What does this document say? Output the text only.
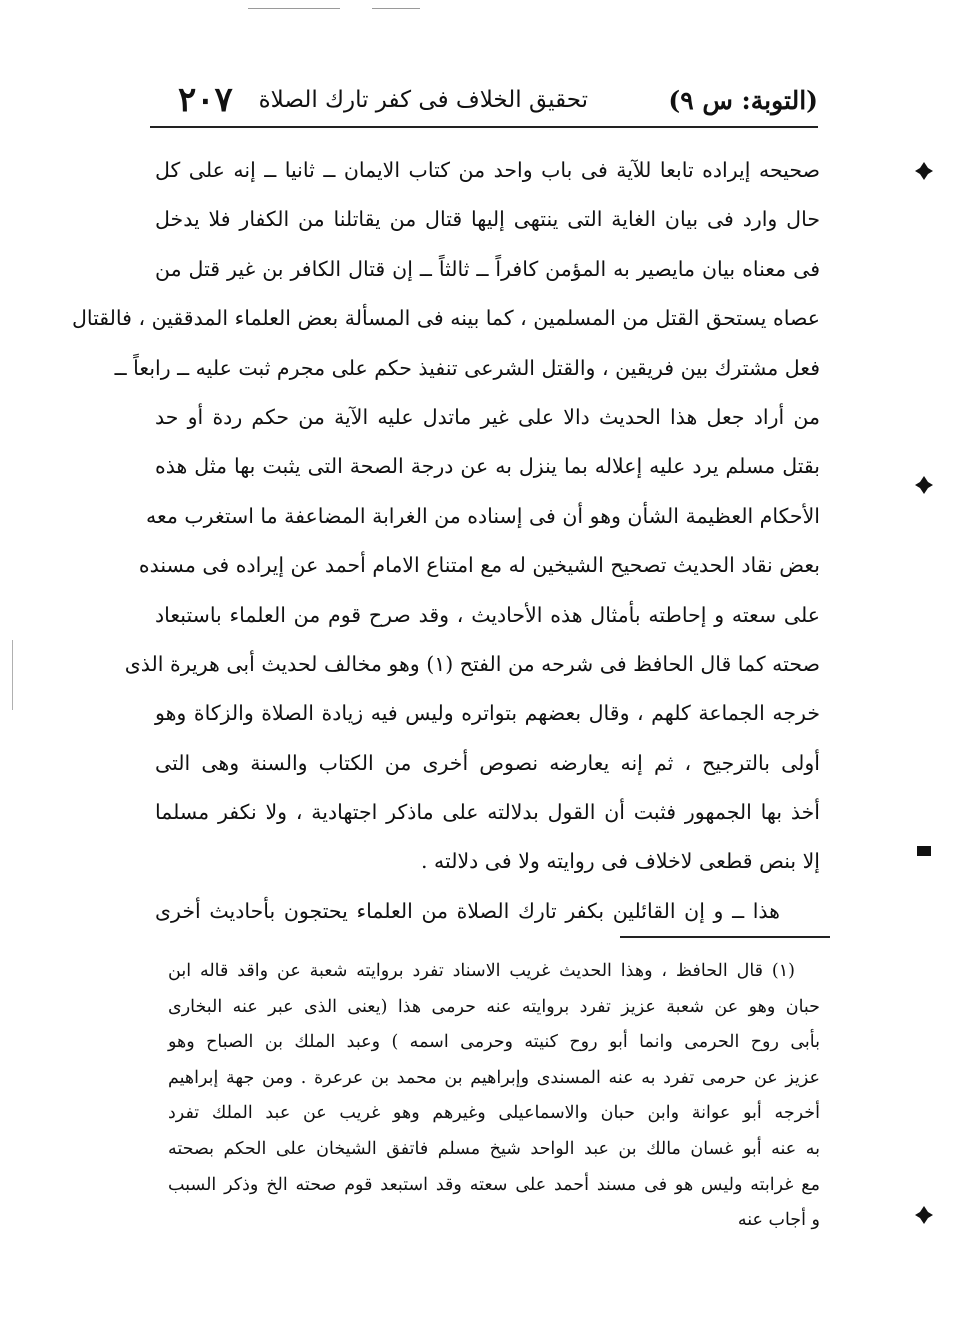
(التوبة: س ٩)
تحقيق الخلاف فى كفر تارك الصلاة
٢٠٧
صحيحه إيراده تابعا للآية فى باب واحد من كتاب الايمان ــ ثانيا ــ إنه على كل
حال وارد فى بيان الغاية التى ينتهى إليها قتال من يقاتلنا من الكفار فلا يدخل
فى معناه بيان مايصير به المؤمن كافراً ــ ثالثاً ــ إن قتال الكافر بن غير قتل من
عصاه يستحق القتل من المسلمين ، كما بينه فى المسألة بعض العلماء المدققين ، فالقتال
فعل مشترك بين فريقين ، والقتل الشرعى تنفيذ حكم على مجرم ثبت عليه ــ رابعاً ــ
من أراد جعل هذا الحديث دالا على غير ماتدل عليه الآية من حكم ردة أو حد
بقتل مسلم يرد عليه إعلاله بما ينزل به عن درجة الصحة التى يثبت بها مثل هذه
الأحكام العظيمة الشأن وهو أن فى إسناده من الغرابة المضاعفة ما استغرب معه
بعض نقاد الحديث تصحيح الشيخين له مع امتناع الامام أحمد عن إيراده فى مسنده
على سعته و إحاطته بأمثال هذه الأحاديث ، وقد صرح قوم من العلماء باستبعاد
صحته كما قال الحافظ فى شرحه من الفتح (١) وهو مخالف لحديث أبى هريرة الذى
خرجه الجماعة كلهم ، وقال بعضهم بتواتره وليس فيه زيادة الصلاة والزكاة وهو
أولى بالترجيح ، ثم إنه يعارضه نصوص أخرى من الكتاب والسنة وهى التى
أخذ بها الجمهور فثبت أن القول بدلالته على ماذكر اجتهادية ، ولا نكفر مسلما
إلا بنص قطعى لاخلاف فى روايته ولا فى دلالته .
هذا ــ و إن القائلين بكفر تارك الصلاة من العلماء يحتجون بأحاديث أخرى
(١) قال الحافظ ، وهذا الحديث غريب الاسناد تفرد بروايته شعبة عن واقد قاله ابن
حبان وهو عن شعبة عزيز تفرد بروايته عنه حرمى هذا (يعنى الذى عبر عنه البخارى
بأبى روح الحرمى وانما أبو روح كنيته وحرمى اسمه ) وعبد الملك بن الصباح وهو
عزيز عن حرمى تفرد به عنه المسندى وإبراهيم بن محمد بن عرعرة . ومن جهة إبراهيم
أخرجه أبو عوانة وابن حبان والاسماعيلى وغيرهم وهو غريب عن عبد الملك تفرد
به عنه أبو غسان مالك بن عبد الواحد شيخ مسلم فاتفق الشيخان على الحكم بصحته
مع غرابته وليس هو فى مسند أحمد على سعته وقد استبعد قوم صحته الخ وذكر السبب
و أجاب عنه
